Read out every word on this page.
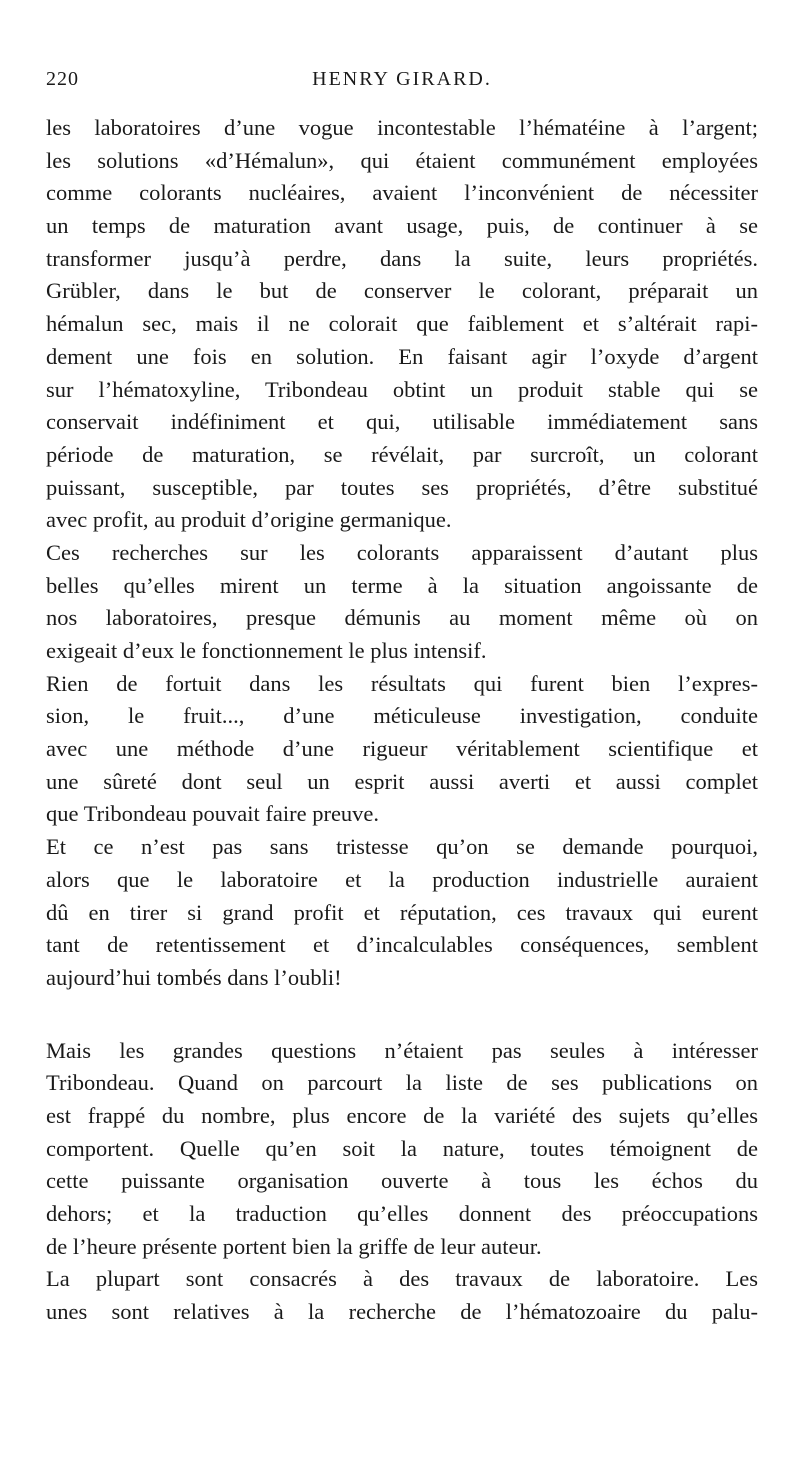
220	HENRY GIRARD.
les laboratoires d’une vogue incontestable l’hématéine à l’argent;
les solutions «d’Hémalun», qui étaient communément employées
comme colorants nucléaires, avaient l’inconvénient de nécessiter
un temps de maturation avant usage, puis, de continuer à se
transformer jusqu’à perdre, dans la suite, leurs propriétés.
Grübler, dans le but de conserver le colorant, préparait un
hémalun sec, mais il ne colorait que faiblement et s’altérait rapi-
dement une fois en solution. En faisant agir l’oxyde d’argent
sur l’hématoxyline, Tribondeau obtint un produit stable qui se
conservait indéfiniment et qui, utilisable immédiatement sans
période de maturation, se révélait, par surcroît, un colorant
puissant, susceptible, par toutes ses propriétés, d’être substitué
avec profit, au produit d’origine germanique.
Ces recherches sur les colorants apparaissent d’autant plus
belles qu’elles mirent un terme à la situation angoissante de
nos laboratoires, presque démunis au moment même où on
exigeait d’eux le fonctionnement le plus intensif.
Rien de fortuit dans les résultats qui furent bien l’expres-
sion, le fruit..., d’une méticuleuse investigation, conduite
avec une méthode d’une rigueur véritablement scientifique et
une sûreté dont seul un esprit aussi averti et aussi complet
que Tribondeau pouvait faire preuve.
Et ce n’est pas sans tristesse qu’on se demande pourquoi,
alors que le laboratoire et la production industrielle auraient
dû en tirer si grand profit et réputation, ces travaux qui eurent
tant de retentissement et d’incalculables conséquences, semblent
aujourd’hui tombés dans l’oubli!
Mais les grandes questions n’étaient pas seules à intéresser
Tribondeau. Quand on parcourt la liste de ses publications on
est frappé du nombre, plus encore de la variété des sujets qu’elles
comportent. Quelle qu’en soit la nature, toutes témoignent de
cette puissante organisation ouverte à tous les échos du
dehors; et la traduction qu’elles donnent des préoccupations
de l’heure présente portent bien la griffe de leur auteur.
La plupart sont consacrés à des travaux de laboratoire. Les
unes sont relatives à la recherche de l’hématozoaire du palu-
